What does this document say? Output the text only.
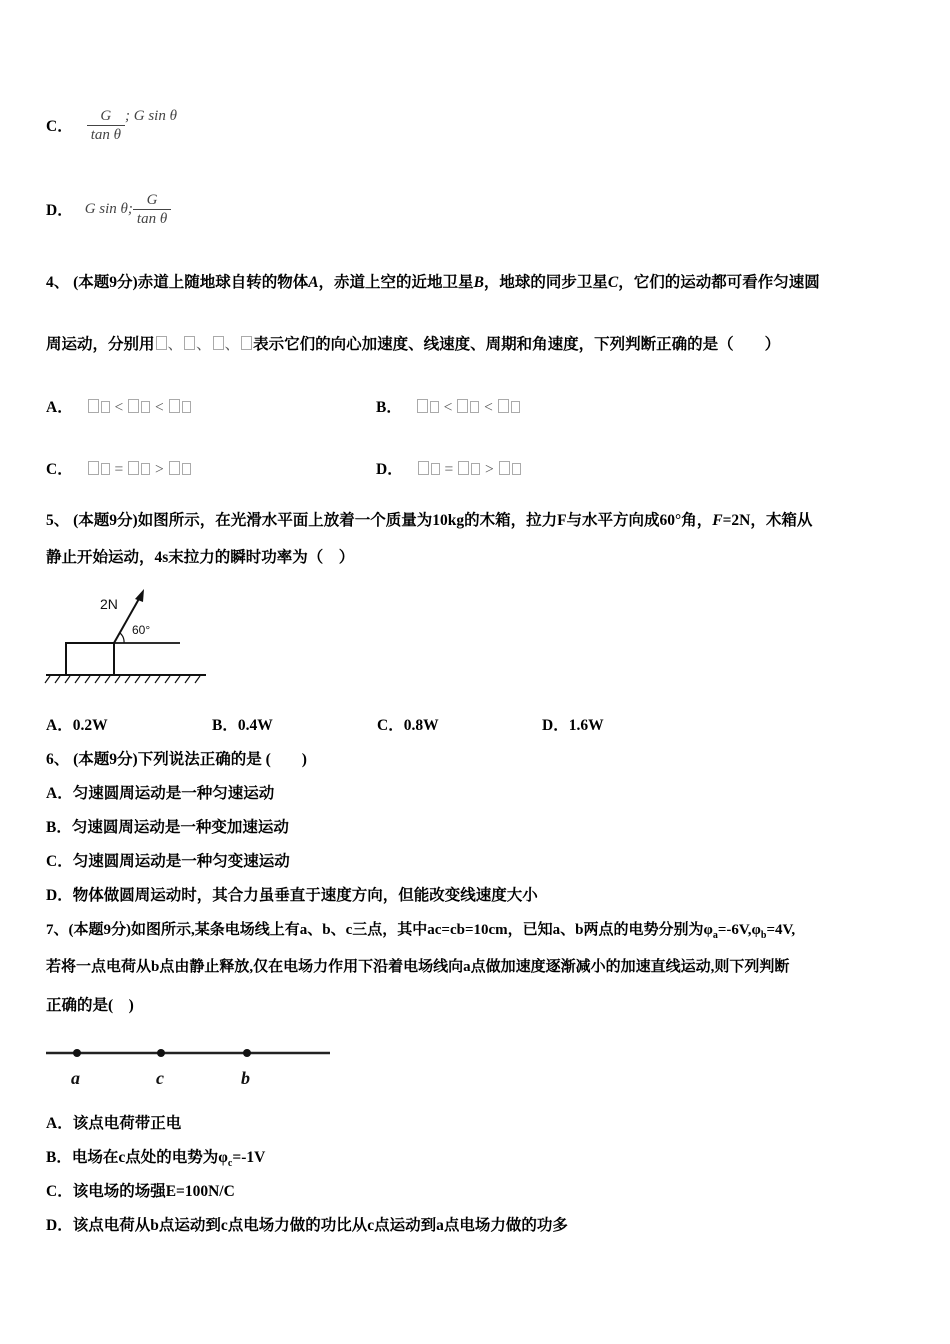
C． $\frac{G}{\text{tan θ}}$ ; G sin θ
D． G sin θ; $\frac{G}{\text{tan θ}}$
4、 (本题9分)赤道上随地球自转的物体A，赤道上空的近地卫星B，地球的同步卫星C，它们的运动都可看作匀速圆
周运动，分别用 、 、 、 表示它们的向心加速度、线速度、周期和角速度，下列判断正确的是（　　）
A．	< <	B．	< <
C．	= >	D．	= >
5、 (本题9分)如图所示，在光滑水平面上放着一个质量为10kg的木箱，拉力F与水平方向成60°角，F=2N，木箱从
静止开始运动，4s末拉力的瞬时功率为（　）
2N
60°
A．0.2W	B．0.4W	C．0.8W	D．1.6W
6、 (本题9分)下列说法正确的是 (　　)
A．匀速圆周运动是一种匀速运动
B．匀速圆周运动是一种变加速运动
C．匀速圆周运动是一种匀变速运动
D．物体做圆周运动时，其合力虽垂直于速度方向，但能改变线速度大小
7、(本题9分)如图所示,某条电场线上有a、b、c三点，其中ac=cb=10cm，已知a、b两点的电势分别为$\varphi_a=-6V,\varphi_b=4V$,
若将一点电荷从b点由静止释放,仅在电场力作用下沿着电场线向a点做加速度逐渐减小的加速直线运动,则下列判断
正确的是(　)
a	c	b
A．该点电荷带正电
B．电场在c点处的电势为$\varphi_c=-1V$
C．该电场的场强E=100N/C
D．该点电荷从b点运动到c点电场力做的功比从c点运动到a点电场力做的功多
